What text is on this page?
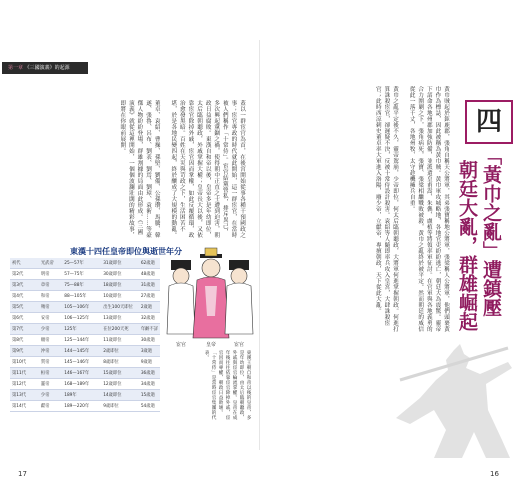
第一章 《三國演義》的起源
蓋以一群宦官為首，在後宮開始從事各種干預國政之事；宦官專政的時代就此開始，這一群宦官，在當時被人們稱作「十常侍」。宦官結黨營私，排斥異己，多次興起黨錮之禍，使得朝中正直之士遭到迫害，朝政日益腐敗。東漢自和帝以後，皇帝多是年幼即位，太后臨朝聽政，外戚掌握大權；皇帝長大以後，又依靠宦官除掉外戚，宦官因而掌權，如此反覆循環，政治愈發黑暗。百姓在天災與苛政之下，生活困苦不堪，於是各地民變四起，終於釀成了大規模的動亂。
董卓、袁紹、曹操、孫堅、劉備、公孫瓚、馬騰、韓遂、張魯、呂布、劉表、劉焉、劉璋、袁術……等豪傑人物紛紛登場，群雄割據的局面由此形成。《三國演義》就從這裡開始，一個個波瀾壯闊的精彩故事，即將在你眼前展開。
東漢十四任皇帝即位與逝世年分
初代	光武帝	25—57年	31歲即位	62歲逝
第2代	明帝	57—75年	30歲即位	48歲逝
第3代	章帝	75—88年	18歲即位	31歲逝
第4代	和帝	88—105年	10歲即位	27歲逝
第5代	殤帝	105—106年	出生100天即位	2歲逝
第6代	安帝	106—125年	13歲即位	32歲逝
第7代	少帝	125年	在位200天死	年齡不詳
第8代	順帝	125—144年	11歲即位	30歲逝
第9代	沖帝	144—145年	2歲即位	3歲逝
第10代	質帝	145—146年	8歲即位	9歲逝
第11代	桓帝	146—167年	15歲即位	36歲逝
第12代	靈帝	168—189年	12歲即位	34歲逝
第13代	少帝	189年	14歲即位	15歲逝
第14代	獻帝	189—220年	9歲即位	54歲逝
宦官	皇帝	宦官
東漢王朝自和帝以後的皇帝，多是年幼即位，由太后臨朝聽政，外戚與宦官輪流掌權。皇帝在成年後往往依靠宦官除掉外戚，宦官因而專權，朝政日益敗壞。「十常侍」是當時宦官集團的代表。
17
黃巾賊起於鉅鹿郡，張角自稱天公將軍，其弟張寶稱地公將軍，張梁稱人公將軍，他們頭裹黃巾作為標誌，因此被稱為黃巾賊。黃巾軍攻城略地，各地官吏紛紛逃亡，朝廷大為震驚。靈帝下詔命各地州郡加強防備，並派遣皇甫嵩、朱儁、盧植等將領率軍征討。在官軍與各地義勇的合力圍剿之下，張角病死，張寶、張梁相繼戰敗被殺，黃巾之亂終於被平定。然而朝廷的威信從此一落千丈，各地州牧、太守趁機擁兵自重。
黃巾之亂平定後不久，靈帝駕崩，少帝即位，何太后臨朝聽政，大將軍何進掌握朝政。何進打算誅殺宦官，卻遲疑不決，反被十常侍設計殺害。袁紹等人隨即率兵攻入皇宮，大肆誅殺宦官；此時西涼刺史董卓率大軍進入洛陽，廢少帝，立獻帝，專擅朝政，天下從此大亂。
16
四
「黃巾之亂」遭鎮壓
朝廷大亂，群雄崛起
